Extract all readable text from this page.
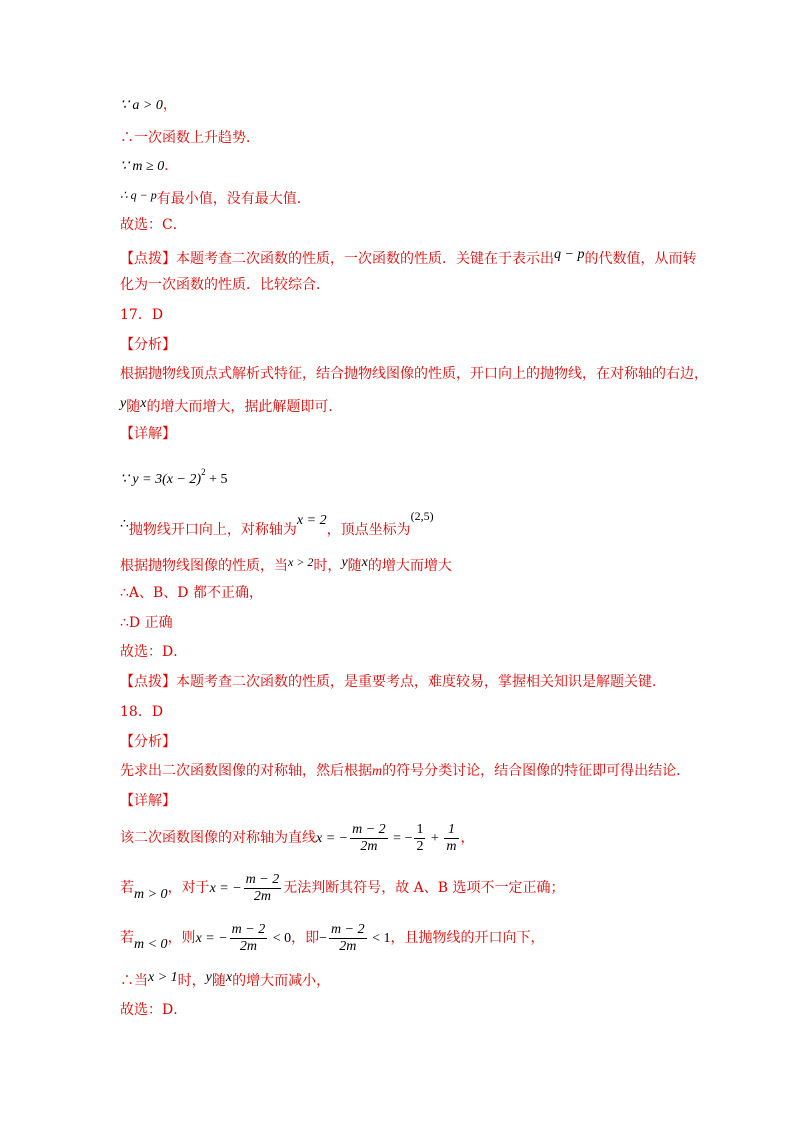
∵ a > 0，
∴一次函数上升趋势．
∵ m ≥ 0．
∴ q − p有最小值，没有最大值．
故选：C．
【点拨】本题考查二次函数的性质，一次函数的性质．关键在于表示出q − p的代数值，从而转
化为一次函数的性质．比较综合．
17．D
【分析】
根据抛物线顶点式解析式特征，结合抛物线图像的性质，开口向上的抛物线，在对称轴的右边，
y随x的增大而增大，据此解题即可．
【详解】
∵ $y = 3(x - 2)^2 + 5$
∴抛物线开口向上，对称轴为x = 2，顶点坐标为(2,5)
根据抛物线图像的性质，当x > 2时，y随x的增大而增大
∴A、B、D 都不正确，
∴D 正确
故选：D．
【点拨】本题考查二次函数的性质，是重要考点，难度较易，掌握相关知识是解题关键．
18．D
【分析】
先求出二次函数图像的对称轴，然后根据m的符号分类讨论，结合图像的特征即可得出结论．
【详解】
该二次函数图像的对称轴为直线x = − $\frac{m - 2}{2m}$ = − $\frac{1}{2} + \frac{1}{m}$ ，
若m > 0，对于x = − $\frac{m - 2}{2m}$ 无法判断其符号，故 A、B 选项不一定正确；
若m < 0，则x = − $\frac{m - 2}{2m} < 0$，即− $\frac{m - 2}{2m} < 1$，且抛物线的开口向下，
∴当x > 1时，y随x的增大而减小，
故选：D．
